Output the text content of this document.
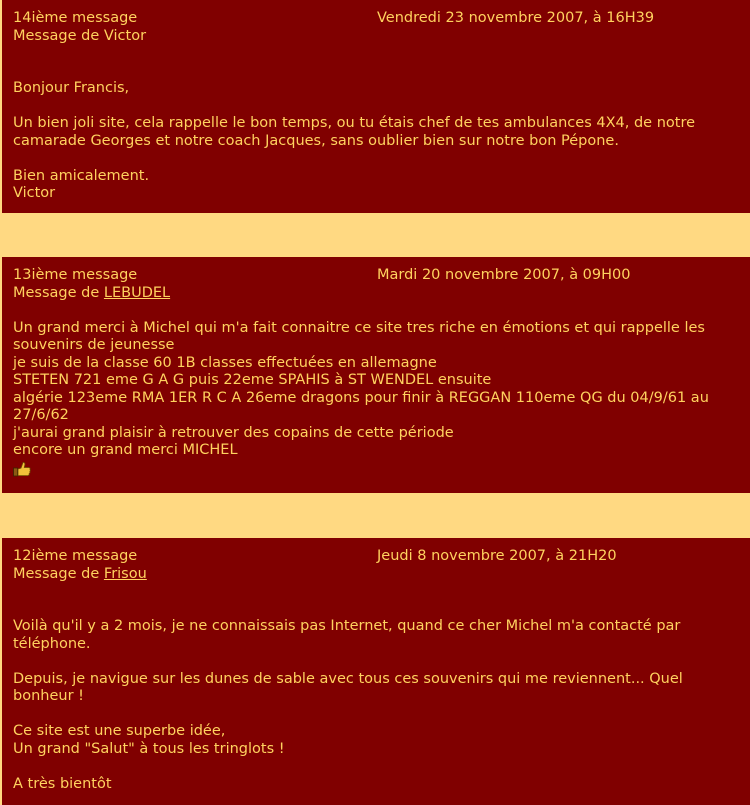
14ième message	Vendredi 23 novembre 2007, à 16H39
Message de Victor
Bonjour Francis,
Un bien joli site, cela rappelle le bon temps, ou tu étais chef de tes ambulances 4X4, de notre camarade Georges et notre coach Jacques, sans oublier bien sur notre bon Pépone.
Bien amicalement.
Victor
13ième message	Mardi 20 novembre 2007, à 09H00
Message de LEBUDEL
Un grand merci à Michel qui m'a fait connaitre ce site tres riche en émotions et qui rappelle les souvenirs de jeunesse
je suis de la classe 60 1B classes effectuées en allemagne
STETEN 721 eme G A G puis 22eme SPAHIS à ST WENDEL ensuite
algérie 123eme RMA 1ER R C A 26eme dragons pour finir à REGGAN 110eme QG du 04/9/61 au 27/6/62
j'aurai grand plaisir à retrouver des copains de cette période
encore un grand merci MICHEL
12ième message	Jeudi 8 novembre 2007, à 21H20
Message de Frisou
Voilà qu'il y a 2 mois, je ne connaissais pas Internet, quand ce cher Michel m'a contacté par téléphone.
Depuis, je navigue sur les dunes de sable avec tous ces souvenirs qui me reviennent... Quel bonheur !
Ce site est une superbe idée,
Un grand "Salut" à tous les tringlots !
A très bientôt
